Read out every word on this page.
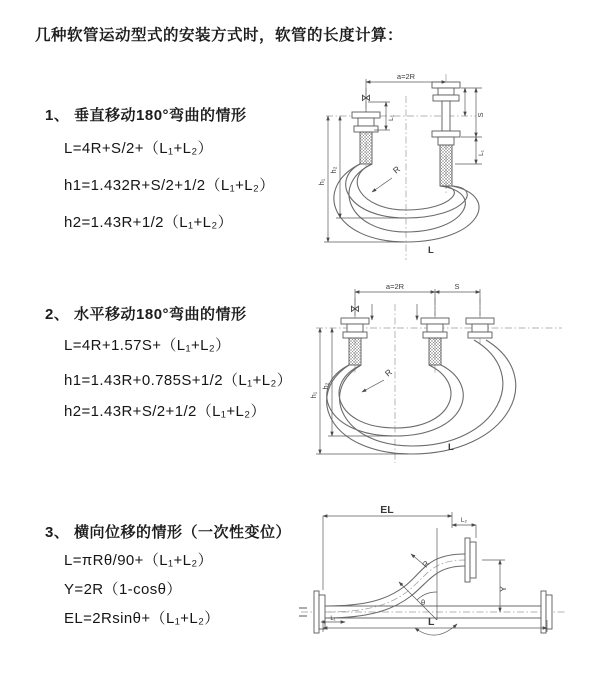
几种软管运动型式的安装方式时，软管的长度计算：
1、 垂直移动180°弯曲的情形
L=4R+S/2+（L₁+L₂）
h1=1.432R+S/2+1/2（L₁+L₂）
h2=1.43R+1/2（L₁+L₂）
2、 水平移动180°弯曲的情形
L=4R+1.57S+（L₁+L₂）
h1=1.43R+0.785S+1/2（L₁+L₂）
h2=1.43R+S/2+1/2（L₁+L₂）
3、 横向位移的情形（一次性变位）
L=πRθ/90+（L₁+L₂）
Y=2R（1-cosθ）
EL=2Rsinθ+（L₁+L₂）
a=2R
⋈
S
L₁
L₁
h₁
h₂	R
L
a=2R	S
⋈
h₁
h₂
R
L
EL
L₂
Y
R
θ
L
L₁
